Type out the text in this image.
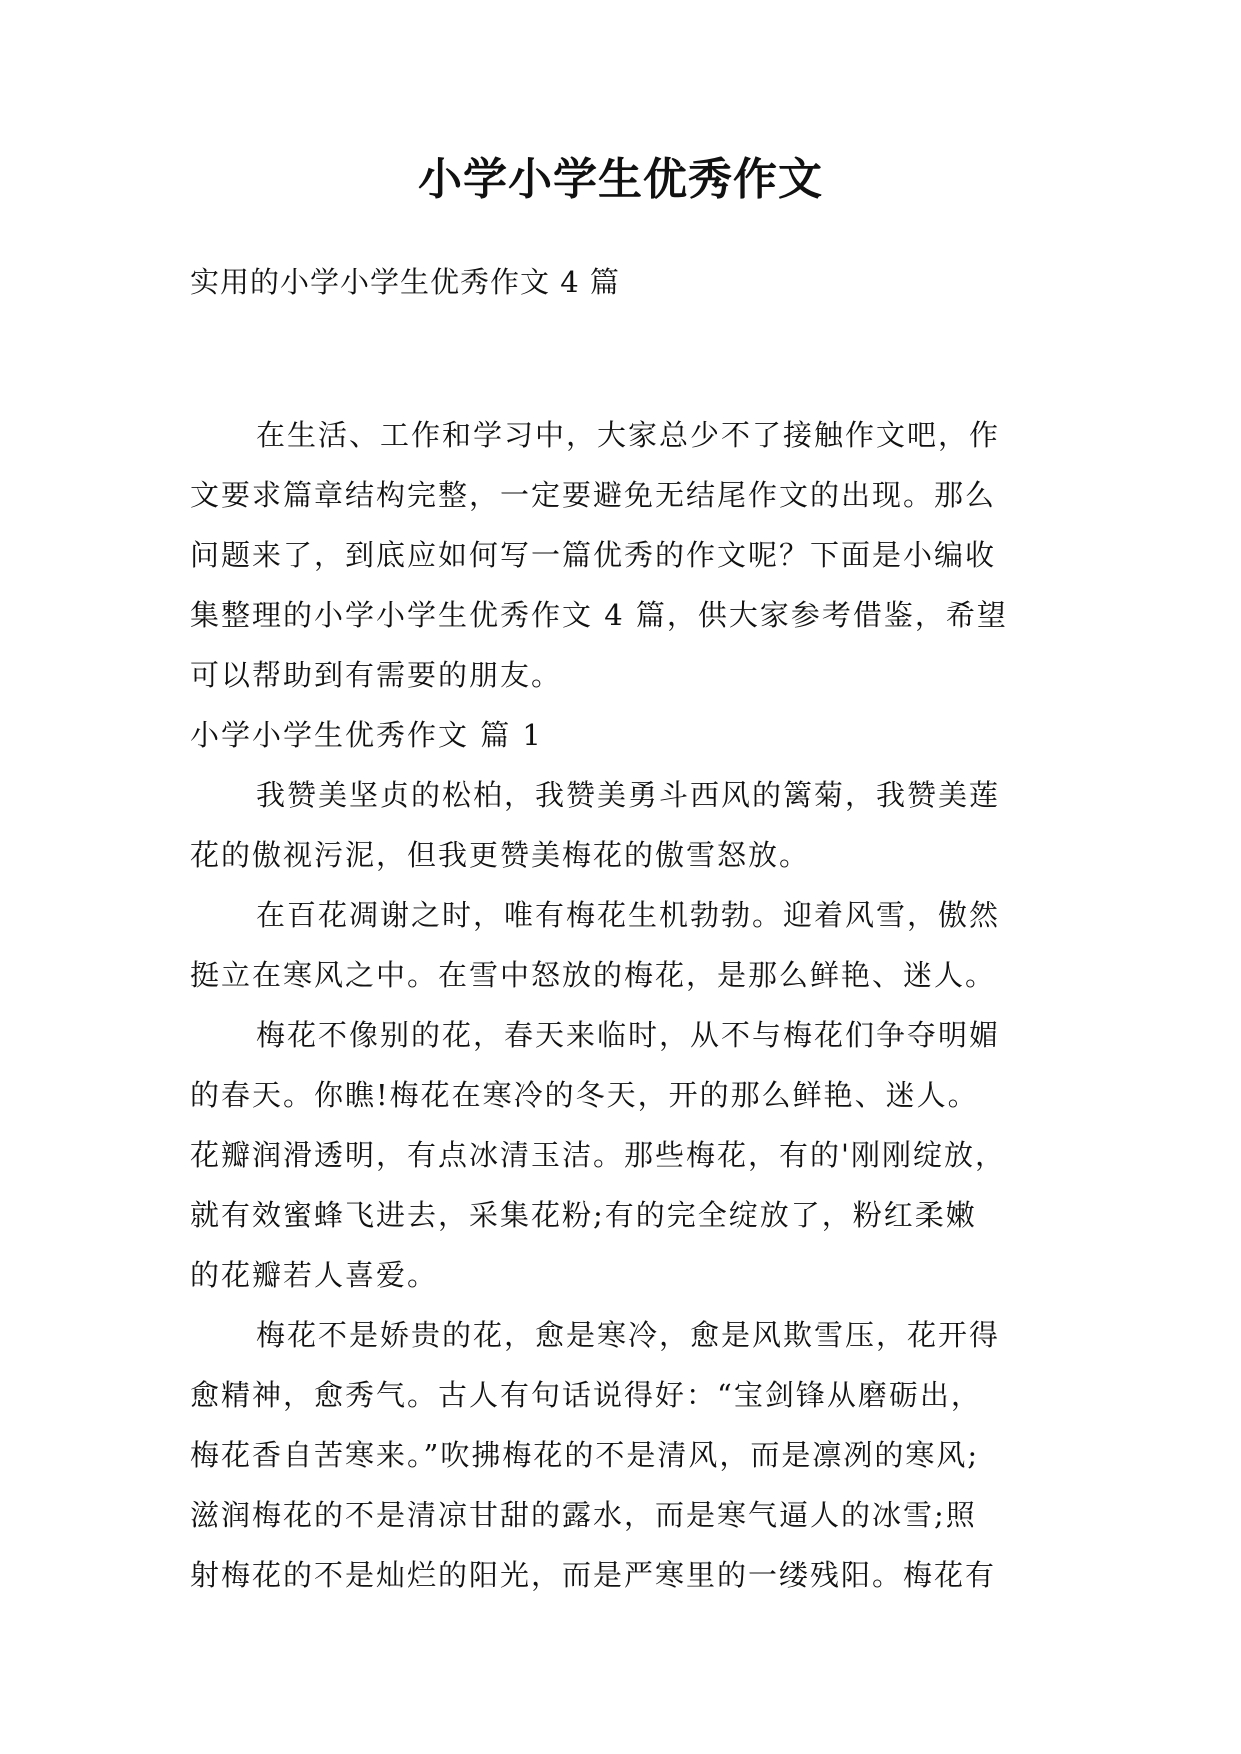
小学小学生优秀作文
实用的小学小学生优秀作文 4 篇
在生活、工作和学习中，大家总少不了接触作文吧，作
文要求篇章结构完整，一定要避免无结尾作文的出现。那么
问题来了，到底应如何写一篇优秀的作文呢？下面是小编收
集整理的小学小学生优秀作文 4 篇，供大家参考借鉴，希望
可以帮助到有需要的朋友。
小学小学生优秀作文 篇 1
我赞美坚贞的松柏，我赞美勇斗西风的篱菊，我赞美莲
花的傲视污泥，但我更赞美梅花的傲雪怒放。
在百花凋谢之时，唯有梅花生机勃勃。迎着风雪，傲然
挺立在寒风之中。在雪中怒放的梅花，是那么鲜艳、迷人。
梅花不像别的花，春天来临时，从不与梅花们争夺明媚
的春天。你瞧!梅花在寒冷的冬天，开的那么鲜艳、迷人。
花瓣润滑透明，有点冰清玉洁。那些梅花，有的'刚刚绽放，
就有效蜜蜂飞进去，采集花粉;有的完全绽放了，粉红柔嫩
的花瓣若人喜爱。
梅花不是娇贵的花，愈是寒冷，愈是风欺雪压，花开得
愈精神，愈秀气。古人有句话说得好：“宝剑锋从磨砺出，
梅花香自苦寒来。”吹拂梅花的不是清风，而是凛冽的寒风;
滋润梅花的不是清凉甘甜的露水，而是寒气逼人的冰雪;照
射梅花的不是灿烂的阳光，而是严寒里的一缕残阳。梅花有
